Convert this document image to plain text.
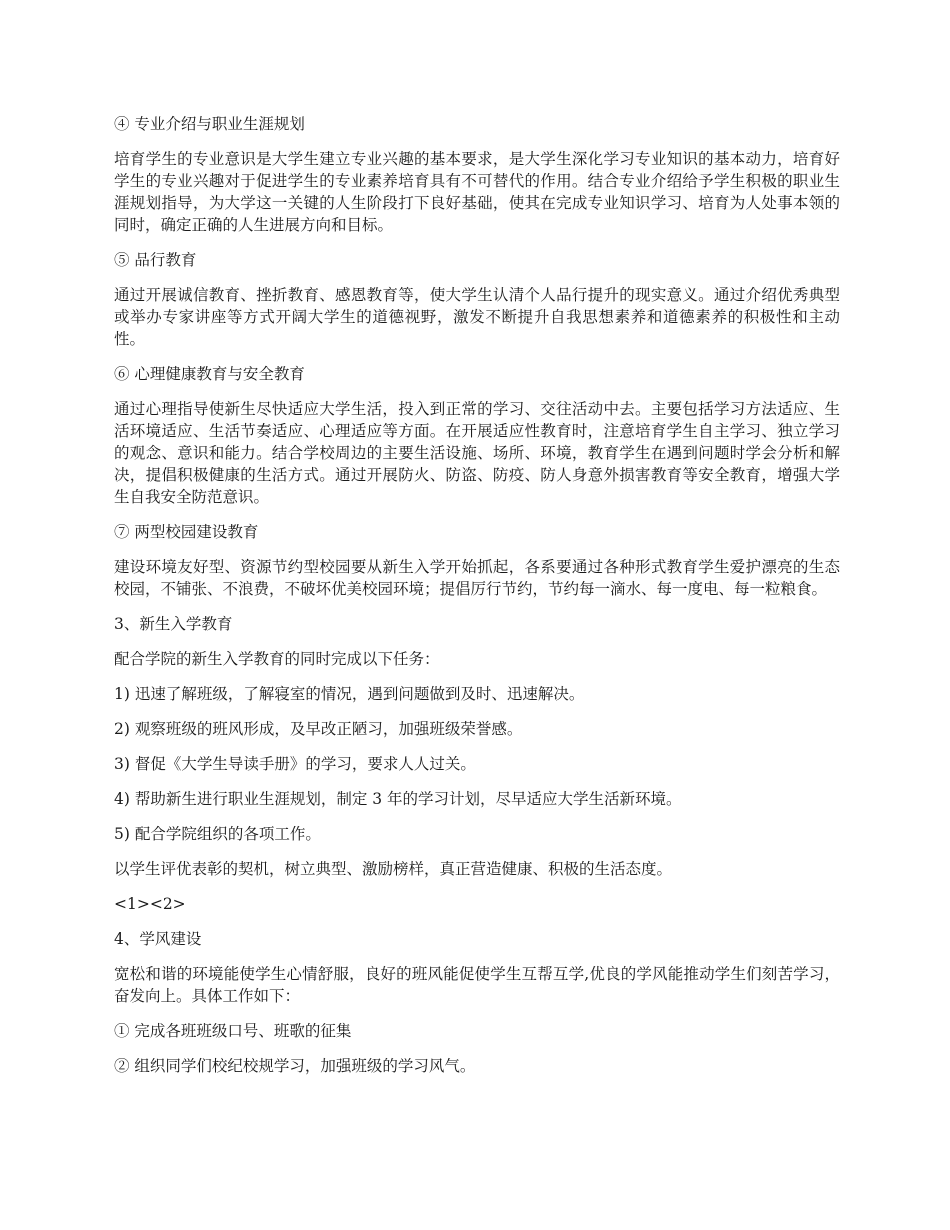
④ 专业介绍与职业生涯规划

培育学生的专业意识是大学生建立专业兴趣的基本要求，是大学生深化学习专业知识的基本动力，培育好学生的专业兴趣对于促进学生的专业素养培育具有不可替代的作用。结合专业介绍给予学生积极的职业生涯规划指导，为大学这一关键的人生阶段打下良好基础，使其在完成专业知识学习、培育为人处事本领的同时，确定正确的人生进展方向和目标。

⑤ 品行教育

通过开展诚信教育、挫折教育、感恩教育等，使大学生认清个人品行提升的现实意义。通过介绍优秀典型或举办专家讲座等方式开阔大学生的道德视野，激发不断提升自我思想素养和道德素养的积极性和主动性。

⑥ 心理健康教育与安全教育

通过心理指导使新生尽快适应大学生活，投入到正常的学习、交往活动中去。主要包括学习方法适应、生活环境适应、生活节奏适应、心理适应等方面。在开展适应性教育时，注意培育学生自主学习、独立学习的观念、意识和能力。结合学校周边的主要生活设施、场所、环境，教育学生在遇到问题时学会分析和解决，提倡积极健康的生活方式。通过开展防火、防盗、防疫、防人身意外损害教育等安全教育，增强大学生自我安全防范意识。

⑦ 两型校园建设教育

建设环境友好型、资源节约型校园要从新生入学开始抓起，各系要通过各种形式教育学生爱护漂亮的生态校园，不铺张、不浪费，不破坏优美校园环境；提倡厉行节约，节约每一滴水、每一度电、每一粒粮食。

3、新生入学教育

配合学院的新生入学教育的同时完成以下任务：

1) 迅速了解班级，了解寝室的情况，遇到问题做到及时、迅速解决。

2) 观察班级的班风形成，及早改正陋习，加强班级荣誉感。

3) 督促《大学生导读手册》的学习，要求人人过关。

4) 帮助新生进行职业生涯规划，制定 3 年的学习计划，尽早适应大学生活新环境。

5) 配合学院组织的各项工作。

以学生评优表彰的契机，树立典型、激励榜样，真正营造健康、积极的生活态度。

<1><2>

4、学风建设

宽松和谐的环境能使学生心情舒服，良好的班风能促使学生互帮互学,优良的学风能推动学生们刻苦学习，奋发向上。具体工作如下：

① 完成各班班级口号、班歌的征集

② 组织同学们校纪校规学习，加强班级的学习风气。
